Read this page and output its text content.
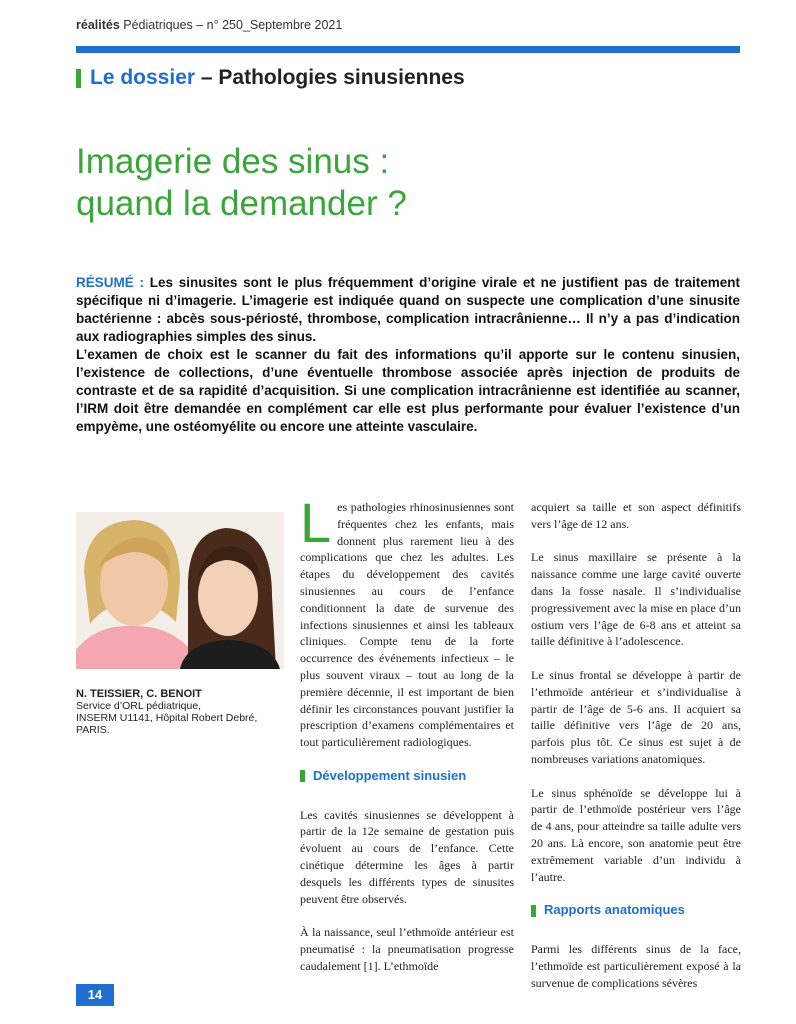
réalités Pédiatriques – n° 250_Septembre 2021
Le dossier
– Pathologies sinusiennes
Imagerie des sinus :
quand la demander ?

RÉSUMÉ : Les sinusites sont le plus fréquemment d’origine virale et ne justifient pas de traitement spécifique ni d’imagerie. L’imagerie est indiquée quand on suspecte une complication d’une sinusite bactérienne : abcès sous-périosté, thrombose, complication intracrânienne… Il n’y a pas d’indication aux radiographies simples des sinus.

L’examen de choix est le scanner du fait des informations qu’il apporte sur le contenu sinusien, l’existence de collections, d’une éventuelle thrombose associée après injection de produits de contraste et de sa rapidité d’acquisition. Si une complication intracrânienne est identifiée au scanner, l’IRM doit être demandée en complément car elle est plus performante pour évaluer l’existence d’un empyème, une ostéomyélite ou encore une atteinte vasculaire.

N. TEISSIER, C. BENOIT
Service d’ORL pédiatrique,
INSERM U1141, Hôpital Robert Debré, PARIS.

Les pathologies rhinosinusiennes sont fréquentes chez les enfants, mais donnent plus rarement lieu à des complications que chez les adultes. Les étapes du développement des cavités sinusiennes au cours de l’enfance conditionnent la date de survenue des infections sinusiennes et ainsi les tableaux cliniques. Compte tenu de la forte occurrence des événements infectieux – le plus souvent viraux – tout au long de la première décennie, il est important de bien définir les circonstances pouvant justifier la prescription d’examens complémentaires et tout particulièrement radiologiques.

Développement sinusien

Les cavités sinusiennes se développent à partir de la 12e semaine de gestation puis évoluent au cours de l’enfance. Cette cinétique détermine les âges à partir desquels les différents types de sinusites peuvent être observés.

À la naissance, seul l’ethmoïde antérieur est pneumatisé : la pneumatisation progresse caudalement [1]. L’ethmoïde

acquiert sa taille et son aspect définitifs vers l’âge de 12 ans.

Le sinus maxillaire se présente à la naissance comme une large cavité ouverte dans la fosse nasale. Il s’individualise progressivement avec la mise en place d’un ostium vers l’âge de 6-8 ans et atteint sa taille définitive à l’adolescence.

Le sinus frontal se développe à partir de l’ethmoïde antérieur et s’individualise à partir de l’âge de 5-6 ans. Il acquiert sa taille définitive vers l’âge de 20 ans, parfois plus tôt. Ce sinus est sujet à de nombreuses variations anatomiques.

Le sinus sphénoïde se développe lui à partir de l’ethmoïde postérieur vers l’âge de 4 ans, pour atteindre sa taille adulte vers 20 ans. Là encore, son anatomie peut être extrêmement variable d’un individu à l’autre.

Rapports anatomiques

Parmi les différents sinus de la face, l’ethmoïde est particulièrement exposé à la survenue de complications sévères

14
